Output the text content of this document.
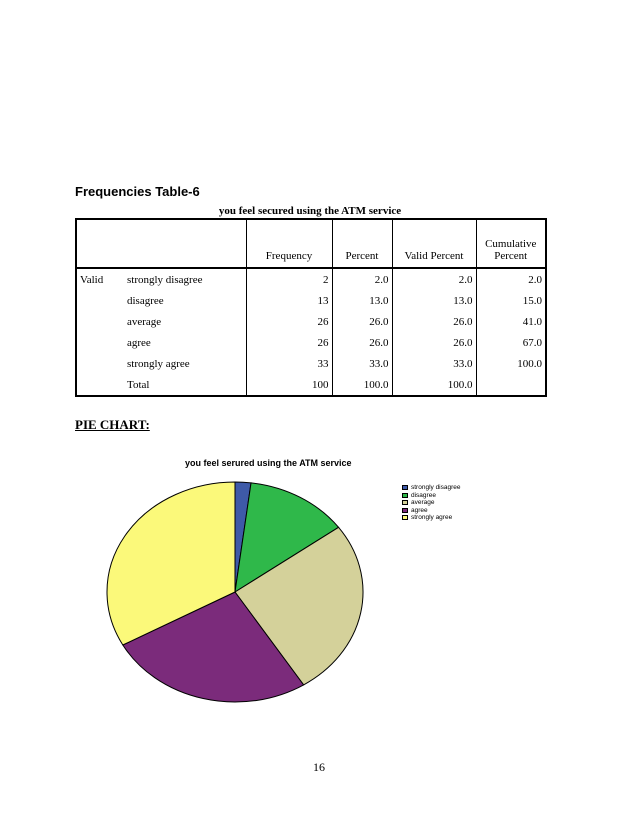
Frequencies Table-6
you feel secured using the ATM service
		Frequency	Percent	Valid Percent	Cumulative Percent
Valid	strongly disagree	2	2.0	2.0	2.0
	disagree	13	13.0	13.0	15.0
	average	26	26.0	26.0	41.0
	agree	26	26.0	26.0	67.0
	strongly agree	33	33.0	33.0	100.0
	Total	100	100.0	100.0	
PIE CHART:
you feel serured using the ATM service
strongly disagree
disagree
average
agree
strongly agree
16
